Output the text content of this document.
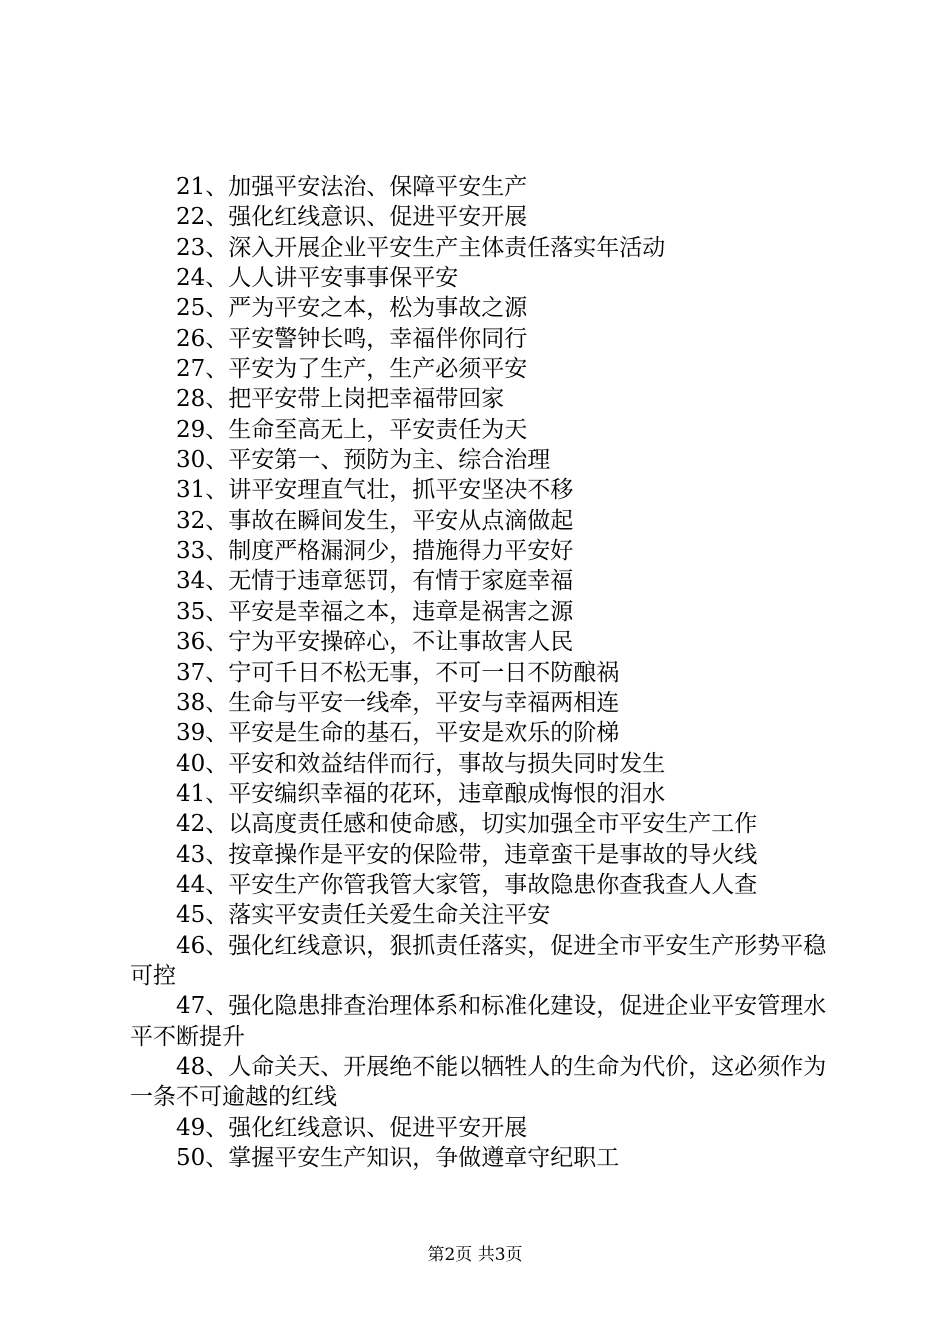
21、加强平安法治、保障平安生产

22、强化红线意识、促进平安开展

23、深入开展企业平安生产主体责任落实年活动

24、人人讲平安事事保平安

25、严为平安之本，松为事故之源

26、平安警钟长鸣，幸福伴你同行

27、平安为了生产，生产必须平安

28、把平安带上岗把幸福带回家

29、生命至高无上，平安责任为天

30、平安第一、预防为主、综合治理

31、讲平安理直气壮，抓平安坚决不移

32、事故在瞬间发生，平安从点滴做起

33、制度严格漏洞少，措施得力平安好

34、无情于违章惩罚，有情于家庭幸福

35、平安是幸福之本，违章是祸害之源

36、宁为平安操碎心，不让事故害人民

37、宁可千日不松无事，不可一日不防酿祸

38、生命与平安一线牵，平安与幸福两相连

39、平安是生命的基石，平安是欢乐的阶梯

40、平安和效益结伴而行，事故与损失同时发生

41、平安编织幸福的花环，违章酿成悔恨的泪水

42、以高度责任感和使命感，切实加强全市平安生产工作

43、按章操作是平安的保险带，违章蛮干是事故的导火线

44、平安生产你管我管大家管，事故隐患你查我查人人查

45、落实平安责任关爱生命关注平安

46、强化红线意识，狠抓责任落实，促进全市平安生产形势平稳可控

47、强化隐患排查治理体系和标准化建设，促进企业平安管理水平不断提升

48、人命关天、开展绝不能以牺牲人的生命为代价，这必须作为一条不可逾越的红线

49、强化红线意识、促进平安开展

50、掌握平安生产知识，争做遵章守纪职工

第2页 共3页
